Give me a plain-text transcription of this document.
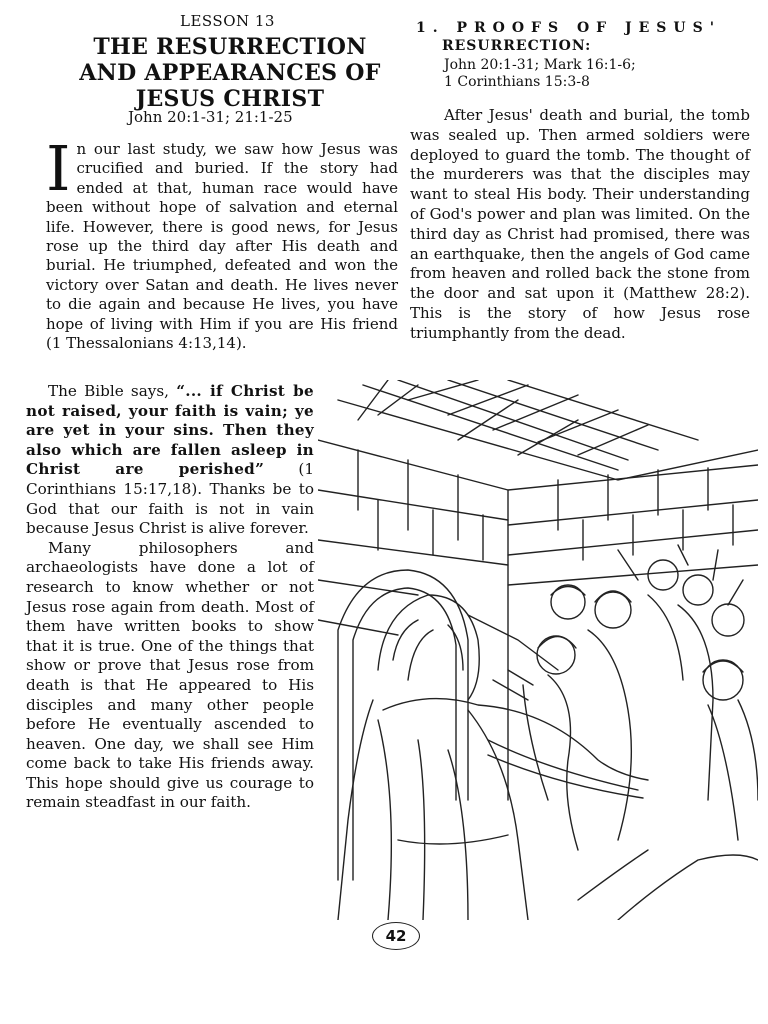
LESSON 13
THE RESURRECTION
AND APPEARANCES OF
JESUS CHRIST
John 20:1-31; 21:1-25

In our last study, we saw how Jesus was crucified and buried. If the story had ended at that, human race would have been without hope of salvation and eternal life. However, there is good news, for Jesus rose up the third day after His death and burial. He triumphed, defeated and won the victory over Satan and death. He lives never to die again and because He lives, you have hope of living with Him if you are His friend (1 Thessalonians 4:13,14).

The Bible says, “... if Christ be not raised, your faith is vain; ye are yet in your sins. Then they also which are fallen asleep in Christ are perished” (1 Corinthians 15:17,18). Thanks be to God that our faith is not in vain because Jesus Christ is alive forever.

Many philosophers and archaeologists have done a lot of research to know whether or not Jesus rose again from death. Most of them have written books to show that it is true. One of the things that show or prove that Jesus rose from death is that He appeared to His disciples and many other people before He eventually ascended to heaven. One day, we shall see Him come back to take His friends away. This hope should give us courage to remain steadfast in our faith.

1. PROOFS OF JESUS'
RESURRECTION:
John 20:1-31; Mark 16:1-6;
1 Corinthians 15:3-8

After Jesus' death and burial, the tomb was sealed up. Then armed soldiers were deployed to guard the tomb. The thought of the murderers was that the disciples may want to steal His body. Their understanding of God's power and plan was limited. On the third day as Christ had promised, there was an earthquake, then the angels of God came from heaven and rolled back the stone from the door and sat upon it (Matthew 28:2). This is the story of how Jesus rose triumphantly from the dead.

42
